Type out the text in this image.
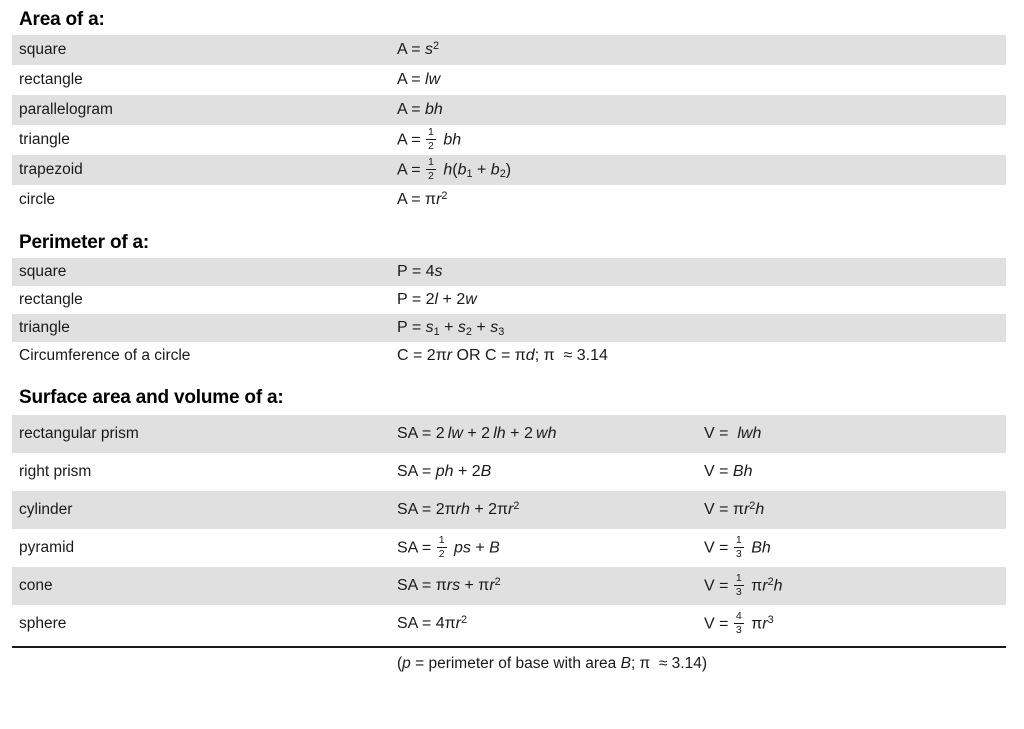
Area of a:
square	$A = s^2$
rectangle	A = lw
parallelogram	A = bh
triangle	$A = \frac{1}{2}$ bh
trapezoid	$A = \frac{1}{2} h(b_1 + b_2)$
circle	$A = \pi r^2$
Perimeter of a:
square	P = 4s
rectangle	P = 2l + 2w
triangle	$P = s_1 + s_2 + s_3$
Circumference of a circle	C = 2πr OR C = πd; π  ≈ 3.14
Surface area and volume of a:
rectangular prism	SA = 2 lw + 2 lh + 2 wh	V =  lwh
right prism	SA = ph + 2B	V = Bh
cylinder	SA = $2\pi rh + 2\pi r^2$	$V = \pi r^2h$
pyramid	SA = $\frac{1}{2}$ ps + B	$V = \frac{1}{3}$ Bh
cone	SA = $\pi rs + \pi r^2$	$V = \frac{1}{3} \pi r^2h$
sphere	SA = $4\pi r^2$	$V = \frac{4}{3} \pi r^3$
(p = perimeter of base with area B; π  ≈ 3.14)
